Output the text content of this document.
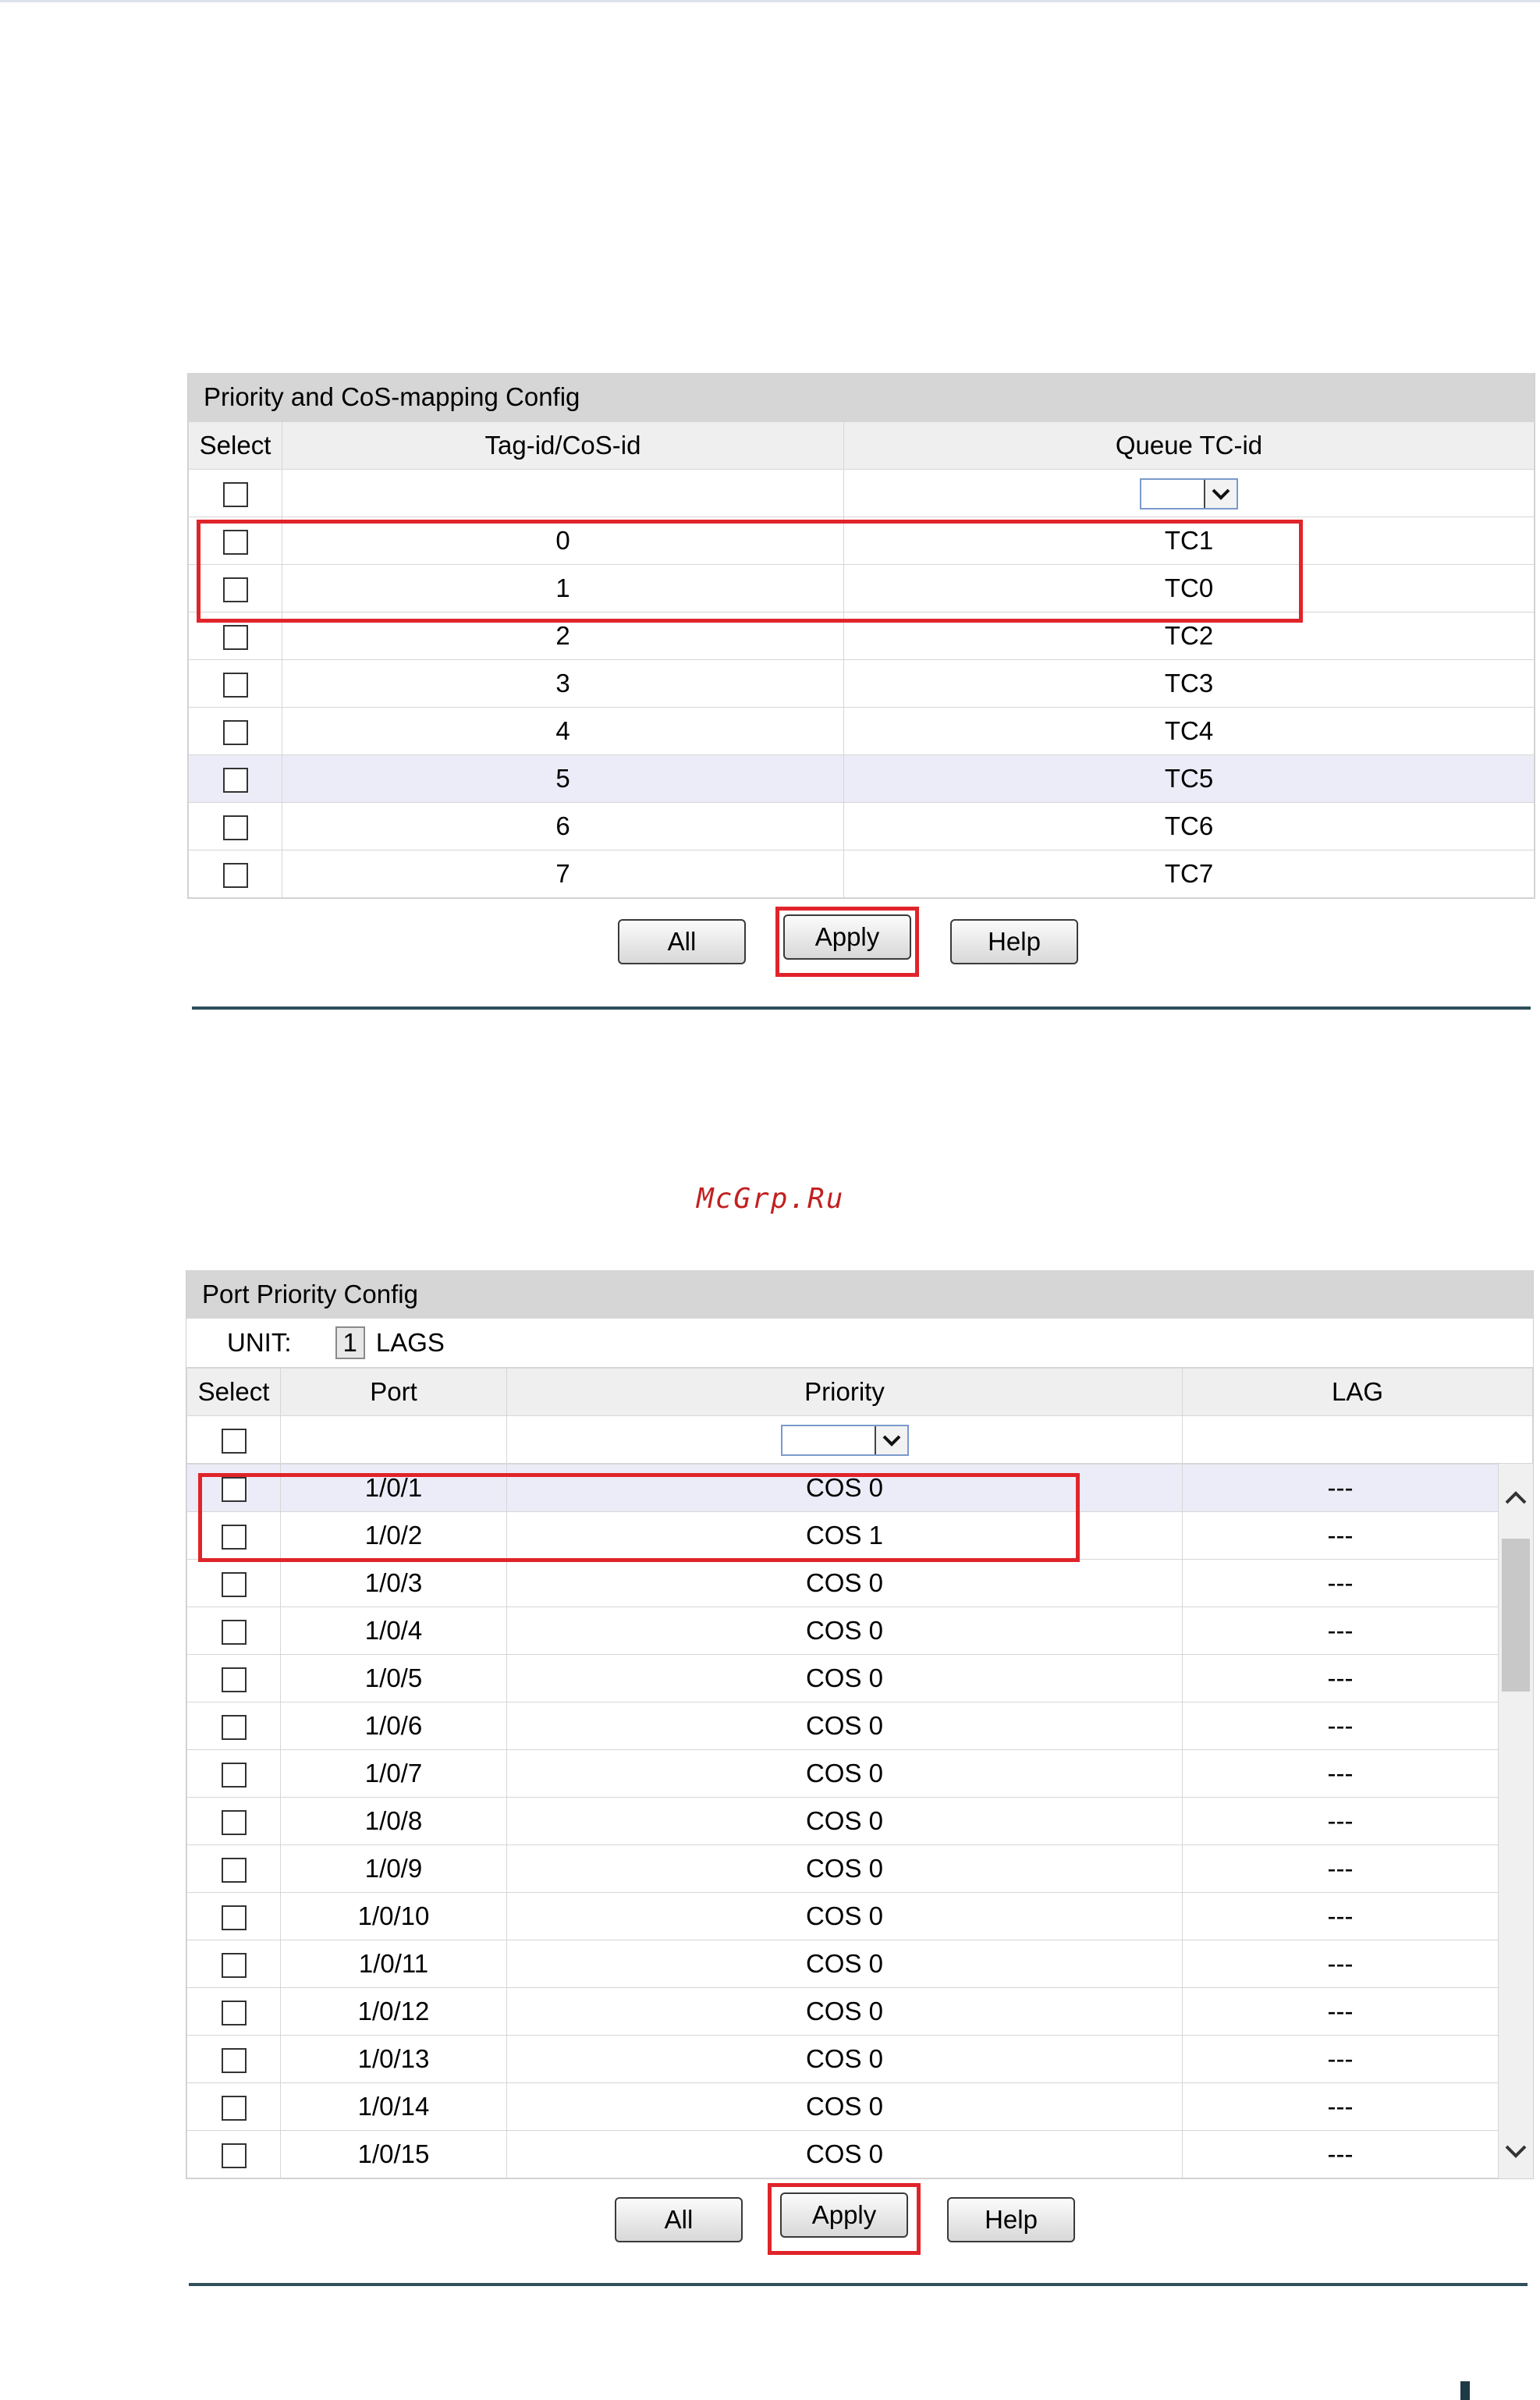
Priority and CoS-mapping Config
Select	Tag-id/CoS-id	Queue TC-id

	0	TC1
	1	TC0
	2	TC2
	3	TC3
	4	TC4
	5	TC5
	6	TC6
	7	TC7
All	Apply	Help
McGrp.Ru
Port Priority Config
UNIT:	1 LAGS
Select	Port	Priority	LAG

	1/0/1	COS 0	---
	1/0/2	COS 1	---
	1/0/3	COS 0	---
	1/0/4	COS 0	---
	1/0/5	COS 0	---
	1/0/6	COS 0	---
	1/0/7	COS 0	---
	1/0/8	COS 0	---
	1/0/9	COS 0	---
	1/0/10	COS 0	---
	1/0/11	COS 0	---
	1/0/12	COS 0	---
	1/0/13	COS 0	---
	1/0/14	COS 0	---
	1/0/15	COS 0	---
All	Apply	Help
